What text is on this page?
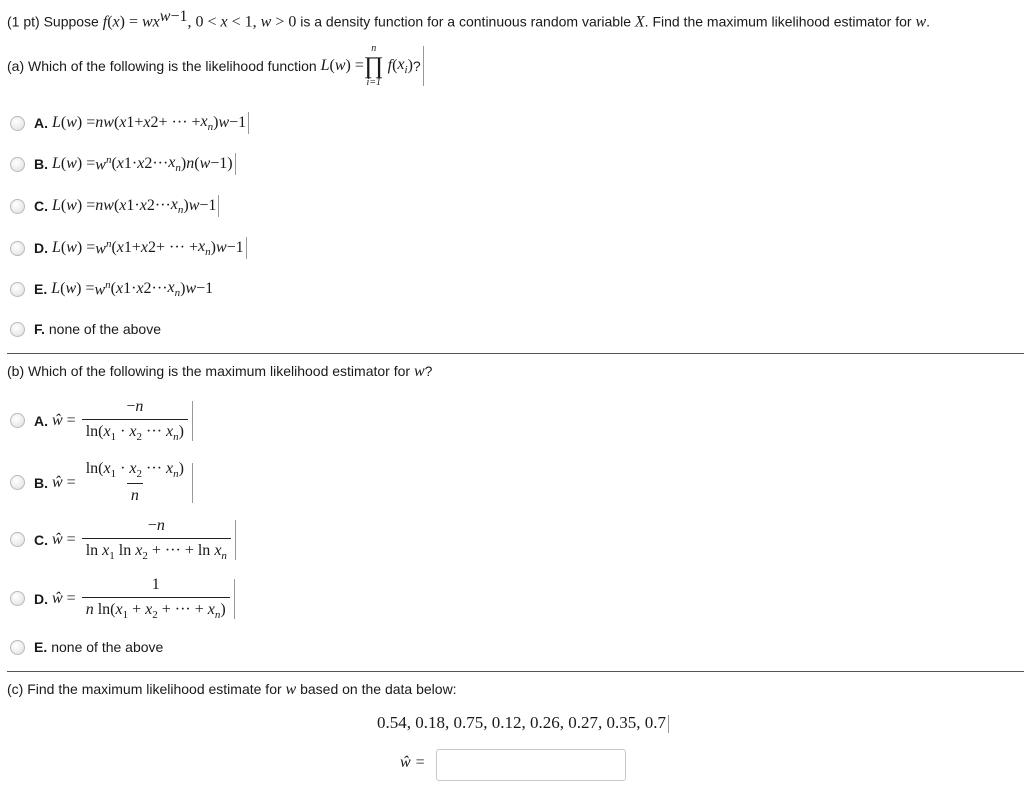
(1 pt) Suppose $f(x) = wx^{w-1}$, 0 < x < 1, w > 0 is a density function for a continuous random variable X. Find the maximum likelihood estimator for w.
(a) Which of the following is the likelihood function
L ( w ) =
n
∏
i=1
f ( $x_i$ ) ?
A. L ( w ) = nw ( x 1 + x 2 + ··· + $x_n$ ) w −1
B. L ( w ) = $w^n$ ( x 1 · x 2 ··· $x_n$ ) n ( w −1)
C. L ( w ) = nw ( x 1 · x 2 ··· $x_n$ ) w −1
D. L ( w ) = $w^n$ ( x 1 + x 2 + ··· + $x_n$ ) w −1
E. L ( w ) = $w^n$ ( x 1 · x 2 ··· $x_n$ ) w −1
F. none of the above
(b) Which of the following is the maximum likelihood estimator for w?
A. ŵ = $\frac{-n}{\ln(x_1 \cdot x_2 \cdot\cdot\cdot x_n)}$
B. ŵ = $\frac{\ln(x_1 \cdot x_2 \cdot\cdot\cdot x_n)}{n}$
C. ŵ = $\frac{-n}{\ln x_1 \ln x_2 + \cdot\cdot\cdot + \ln x_n}$
D. ŵ = $\frac{1}{n \ln(x_1 + x_2 + \cdot\cdot\cdot + x_n)}$
E. none of the above
(c) Find the maximum likelihood estimate for w based on the data below:
0.54, 0.18, 0.75, 0.12, 0.26, 0.27, 0.35, 0.7
ŵ =
